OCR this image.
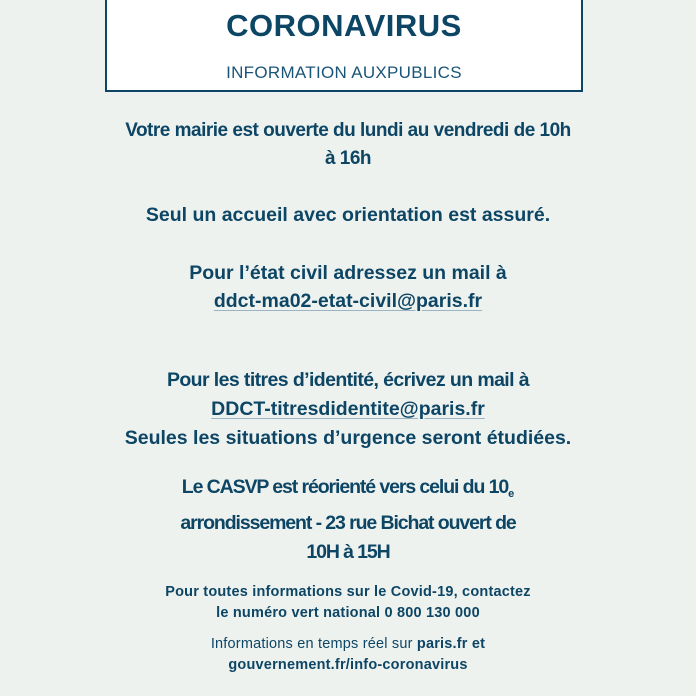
CORONAVIRUS
INFORMATION AUXPUBLICS
Votre mairie est ouverte du lundi au vendredi de 10h
à 16h
Seul un accueil avec orientation est assuré.
Pour l’état civil adressez un mail à
ddct-ma02-etat-civil@paris.fr
Pour les titres d’identité, écrivez un mail à
DDCT-titresdidentite@paris.fr
Seules les situations d’urgence seront étudiées.
Le CASVP est réorienté vers celui du $10_e$
arrondissement - 23 rue Bichat ouvert de
10H à 15H
Pour toutes informations sur le Covid-19, contactez
le numéro vert national 0 800 130 000
Informations en temps réel sur paris.fr et
gouvernement.fr/info-coronavirus
